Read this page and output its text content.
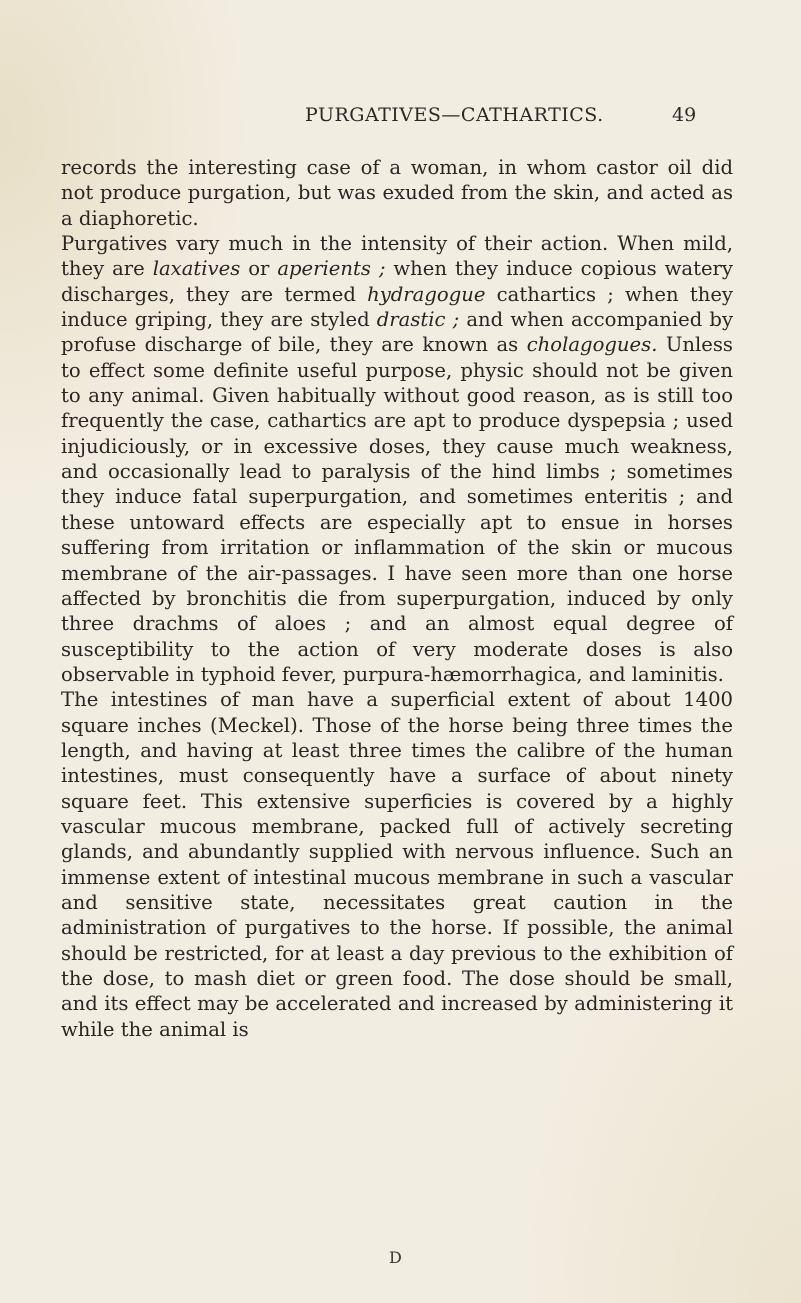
PURGATIVES—CATHARTICS.	49

records the interesting case of a woman, in whom castor oil did not produce purgation, but was exuded from the skin, and acted as a diaphoretic.

Purgatives vary much in the intensity of their action. When mild, they are laxatives or aperients ; when they induce copious watery discharges, they are termed hydragogue cathartics ; when they induce griping, they are styled drastic ; and when accompanied by profuse discharge of bile, they are known as cholagogues. Unless to effect some definite useful purpose, physic should not be given to any animal. Given habitually without good reason, as is still too frequently the case, cathartics are apt to produce dyspepsia ; used injudiciously, or in excessive doses, they cause much weakness, and occasionally lead to paralysis of the hind limbs ; sometimes they induce fatal superpurgation, and sometimes enteritis ; and these untoward effects are especially apt to ensue in horses suffering from irritation or inflammation of the skin or mucous membrane of the air-passages. I have seen more than one horse affected by bronchitis die from superpurgation, induced by only three drachms of aloes ; and an almost equal degree of susceptibility to the action of very moderate doses is also observable in typhoid fever, purpura-hæmorrhagica, and laminitis.

The intestines of man have a superficial extent of about 1400 square inches (Meckel). Those of the horse being three times the length, and having at least three times the calibre of the human intestines, must consequently have a surface of about ninety square feet. This extensive superficies is covered by a highly vascular mucous membrane, packed full of actively secreting glands, and abundantly supplied with nervous influence. Such an immense extent of intestinal mucous membrane in such a vascular and sensitive state, necessitates great caution in the administration of purgatives to the horse. If possible, the animal should be restricted, for at least a day previous to the exhibition of the dose, to mash diet or green food. The dose should be small, and its effect may be accelerated and increased by administering it while the animal is

D
